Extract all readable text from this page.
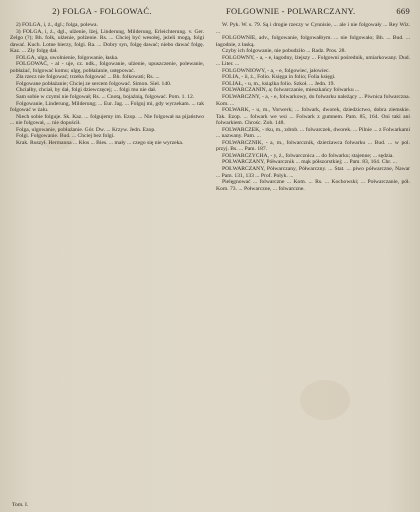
2) FOLGA - FOLGOWAĆ.	FOLGOWNIE - POLWARCZANY.	669

2) FOLGA, i, ż., dgl.; folga, polewa.

3) FOLGA, i, ż., dgl., ulżenie, lżej, Linderung, Milderung, Erleichterung. v. Ger. Zelgo (?); Bh. folk, ulżenie, polżenie. Rs. ... Chciej być wesołej, jeżeli mogą, folgi dawać. Kuch. Lotne bierzy, folgi. Ra. ... Dobry syn, folgę dawać; niebo dawać folgę. Kaz. ... Zły folgę dał.

FOLGA, ulga, uwolnienie, folgowanie, łaska.

FOLGOWAĆ, - al - uje, cz. ndk., folgowanie, ulżenie, upuszczenie, polewanie, pobłażać, folgować komu; ulgę, pobłażanie, ustępować.

Zła rzecz nie folgować; trzeba folgować ... Bh. folkowati; Rs. ...

Folgowane pobłażanie; Chciej ze sercem folgować. Simon. Siel. 140.

Chciałby, chciał, by dał, folgi dziewczęcej; ... folgi mu nie dał.

Sam sobie w czymś nie folgował; Rs. ... Cnotą, bojaźnią, folgować. Pom. 1. 12.

Folgowanie, Linderung, Milderung; ... Eur. Jag. ... Folguj mi, gdy wyrzekam. ... tak folgować w żalu.

Niech sobie folguje. Sk. Kaz. ... folgujemy im. Ezop. ... Nie folgował na pijaństwo ... nie folgował, ... nie dopuścił.

Folga, ulgowanie, pobłażanie. Gór. Dw. ... Krzyw. Jedn. Ezop.

Folgi. Folgowanie. Bud. ... Chciej bez folgi.

Krak. Ruszył. Hermanna ... Kłos ... Bies. ... mały ... czego się nie wyrzeka.

W. Pyk. W. s. 79. Są i drogie rzeczy w Cynnisie, ... ale i nie folgowały ... Rey Wiz. ...

FOLGOWNIE, adv., folgowanie, folgowałbym. ... nie folgowało; Bh. ... Bud. ... łagodnie, z łaską.

Czyby ich folgowanie, nie pobudziło ... Radz. Pros. 28.

FOLGOWNY, - a, - e, łagodny, lżejszy ... Folgowni pośrednik, umiarkowany. Dud. ... Liter. ...

FOLGOWNIOWY, - a, - e, folgowiec, jałowiec.

FOLIA, - ii, ż., Folio. Księga in folio; Folia księgi.

FOLIAŁ, - u, m., książka folio. Szkoł. ... Jedn. 19.

FOLWARCZANIN, a; folwarczanie, mieszkańcy folwarku ...

FOLWARCZNY, - a, - e, folwarkowy, do folwarku należący ... Piwnica folwarczna. Kom. ...

FOLWARK, - u, m., Vorwerk; ... folwark, dworek, dziedzictwo, dobra ziemskie. Tak. Ezop. ... folwark we wsi ... Folwark z gumnem. Pam. 85, 164. Oni taki ani folwarkiem. Chrośc. Zob. 148.

FOLWARCZEK, - rku, m., zdrob. ... folwarczek, dworek. ... Pilnie ... z Folwarkami ... nazwany. Pam. ...

FOLWARCZNIK, - a, m., folwarcznik, dzierżawca folwarku ... Bud. ... w pol. przyj. Bs. ... Pam. 187.

FOLWARCZYCHA, - y, ż., folwarcznica ... do folwarku; stajenne; ... sędzia.

POŁWARCZANY, Półwarcznik ... mąk półszorstkiej; ... Pam. 83, 164. Chr. ...

POŁWARCZANY, Półwarczany, Półwarczny. ... Stat. ... piwo półwarczne, Nawar ... Pam. 131, 133 ... Prof. Polyk. ...

Pielęgnować ... folwarczne ... Kom. ... Rs. ... Kochowski; ... Połwarczanie, pół. Kom. 73. ... Połwarczne, ... folwarczne.

Tom. I.
